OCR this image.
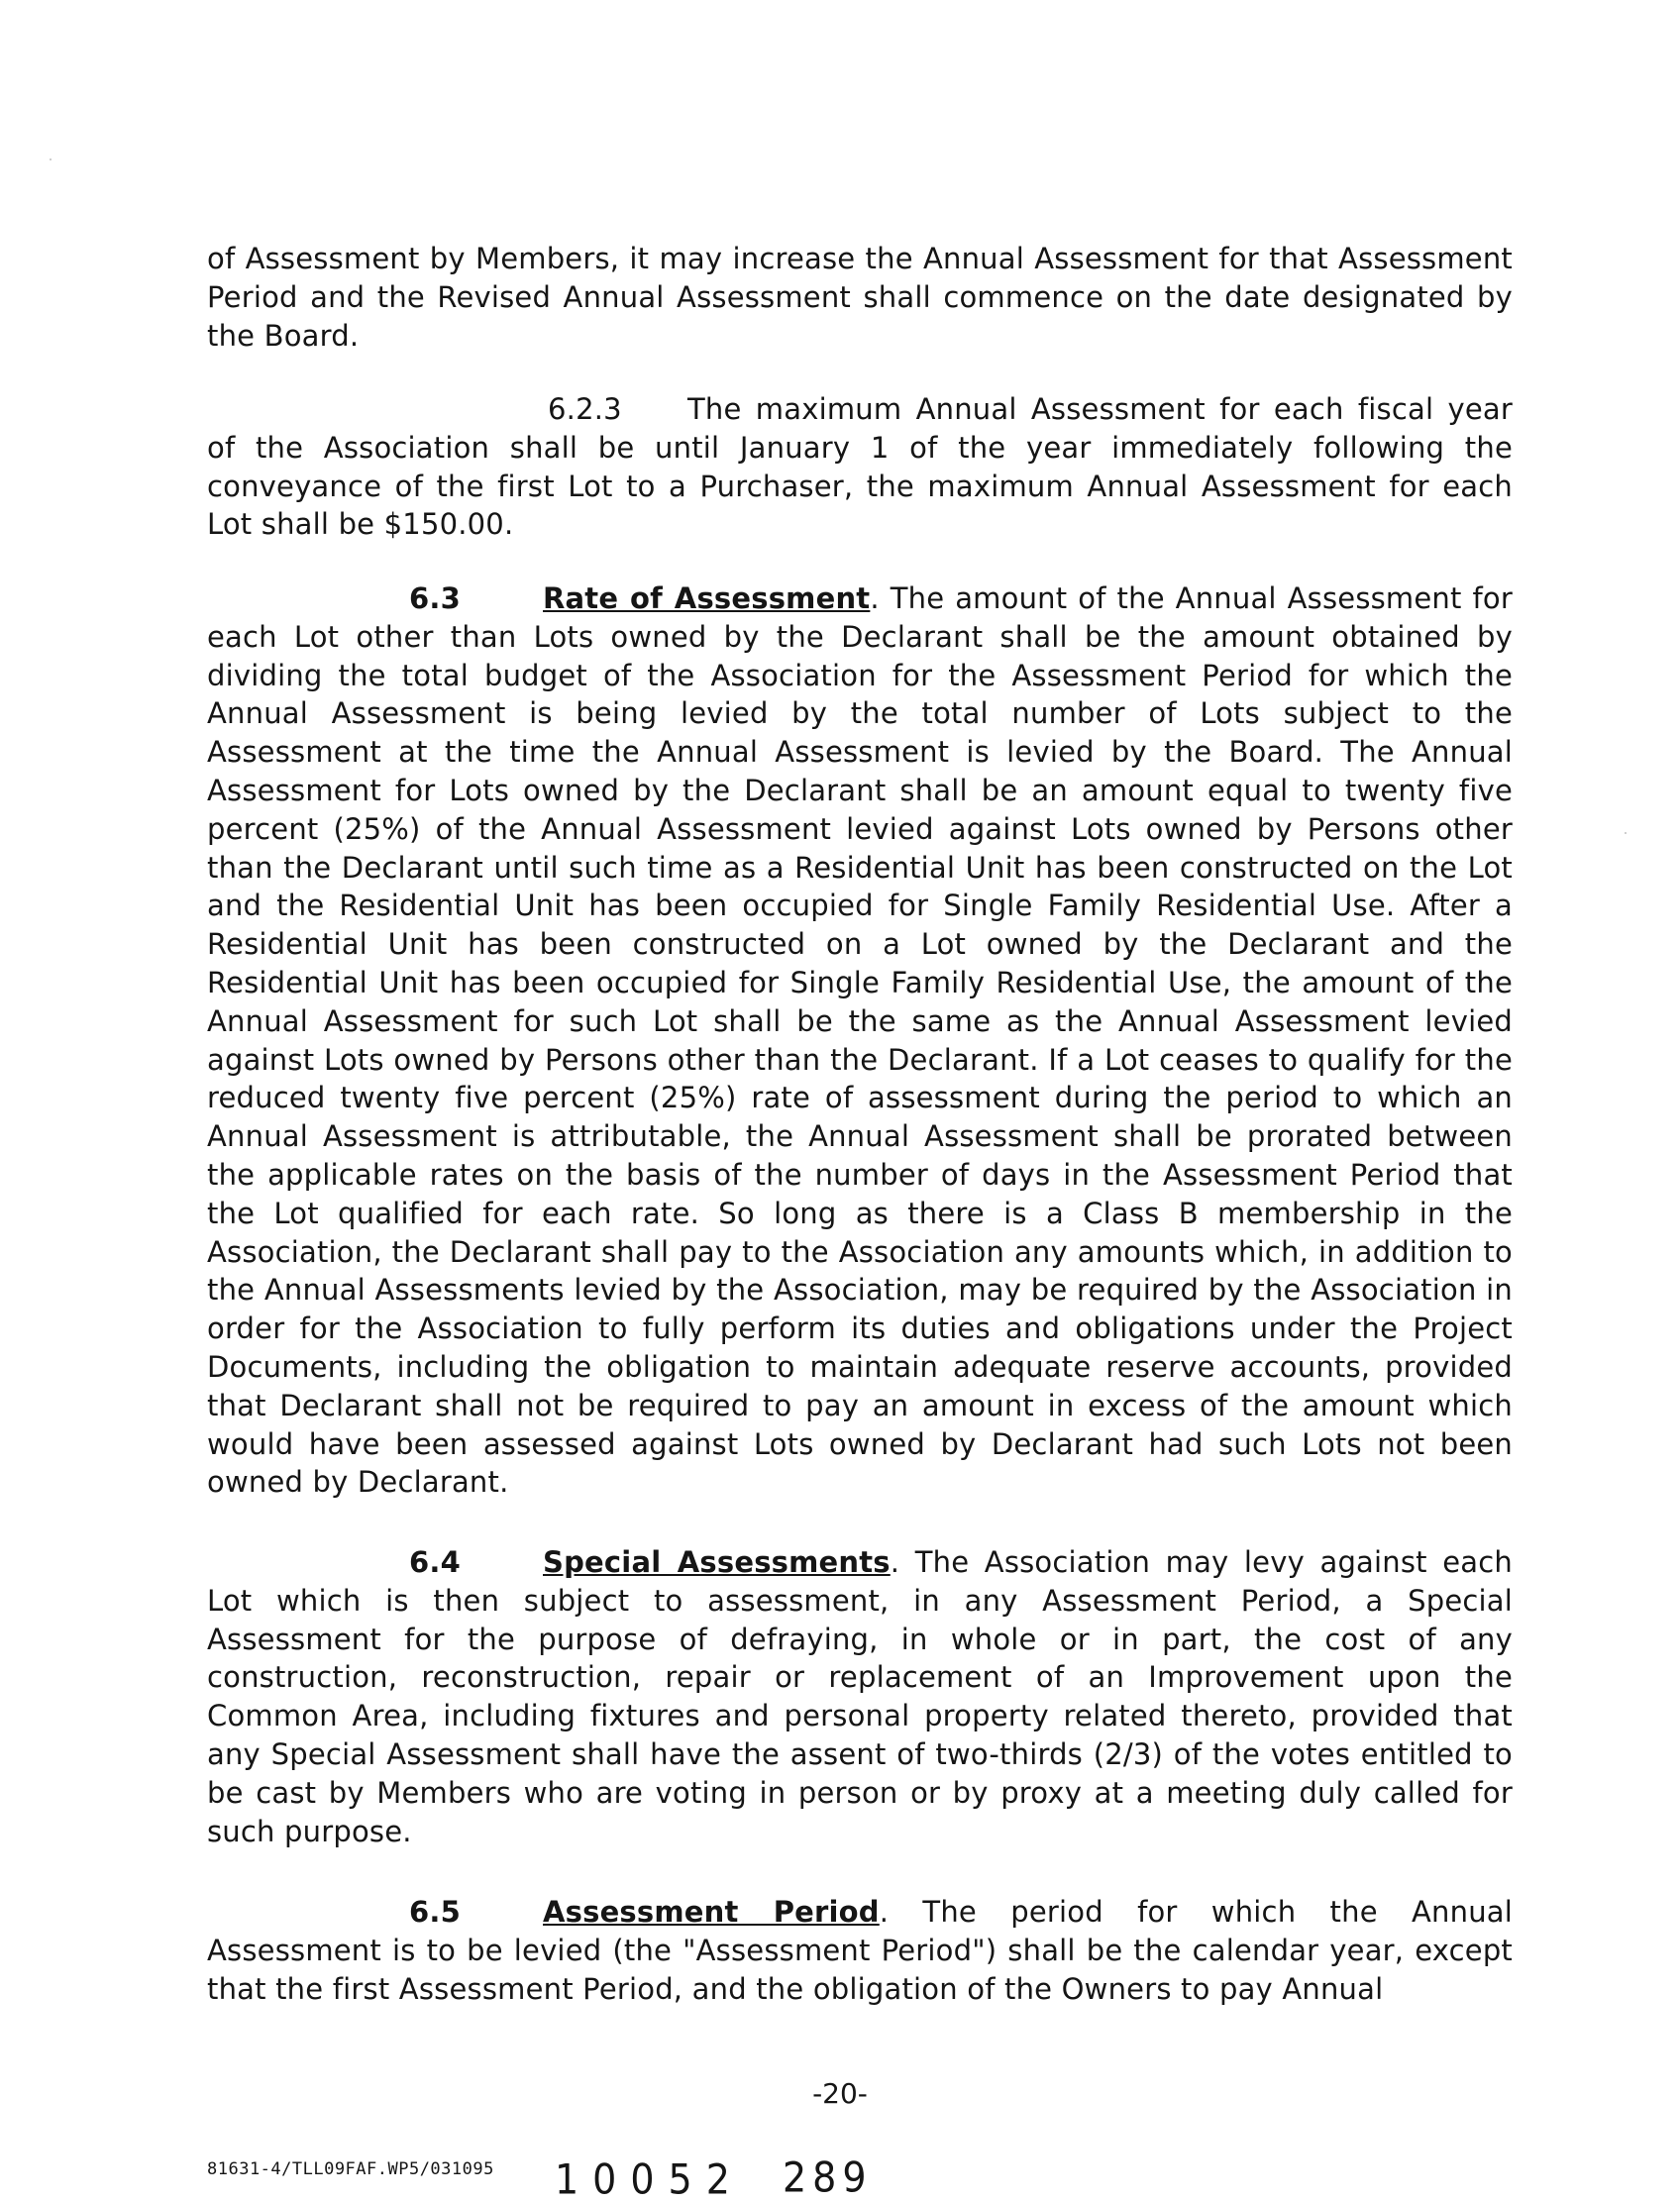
of Assessment by Members, it may increase the Annual Assessment for that Assessment Period and the Revised Annual Assessment shall commence on the date designated by the Board.

6.2.3 The maximum Annual Assessment for each fiscal year of the Association shall be until January 1 of the year immediately following the conveyance of the first Lot to a Purchaser, the maximum Annual Assessment for each Lot shall be $150.00.

6.3	Rate of Assessment. The amount of the Annual Assessment for each Lot other than Lots owned by the Declarant shall be the amount obtained by dividing the total budget of the Association for the Assessment Period for which the Annual Assessment is being levied by the total number of Lots subject to the Assessment at the time the Annual Assessment is levied by the Board. The Annual Assessment for Lots owned by the Declarant shall be an amount equal to twenty five percent (25%) of the Annual Assessment levied against Lots owned by Persons other than the Declarant until such time as a Residential Unit has been constructed on the Lot and the Residential Unit has been occupied for Single Family Residential Use. After a Residential Unit has been constructed on a Lot owned by the Declarant and the Residential Unit has been occupied for Single Family Residential Use, the amount of the Annual Assessment for such Lot shall be the same as the Annual Assessment levied against Lots owned by Persons other than the Declarant. If a Lot ceases to qualify for the reduced twenty five percent (25%) rate of assessment during the period to which an Annual Assessment is attributable, the Annual Assessment shall be prorated between the applicable rates on the basis of the number of days in the Assessment Period that the Lot qualified for each rate. So long as there is a Class B membership in the Association, the Declarant shall pay to the Association any amounts which, in addition to the Annual Assessments levied by the Association, may be required by the Association in order for the Association to fully perform its duties and obligations under the Project Documents, including the obligation to maintain adequate reserve accounts, provided that Declarant shall not be required to pay an amount in excess of the amount which would have been assessed against Lots owned by Declarant had such Lots not been owned by Declarant.

6.4	Special Assessments. The Association may levy against each Lot which is then subject to assessment, in any Assessment Period, a Special Assessment for the purpose of defraying, in whole or in part, the cost of any construction, reconstruction, repair or replacement of an Improvement upon the Common Area, including fixtures and personal property related thereto, provided that any Special Assessment shall have the assent of two-thirds (2/3) of the votes entitled to be cast by Members who are voting in person or by proxy at a meeting duly called for such purpose.

6.5	Assessment Period. The period for which the Annual Assessment is to be levied (the "Assessment Period") shall be the calendar year, except that the first Assessment Period, and the obligation of the Owners to pay Annual

-20-
81631-4/TLL09FAF.WP5/031095 10052 289
